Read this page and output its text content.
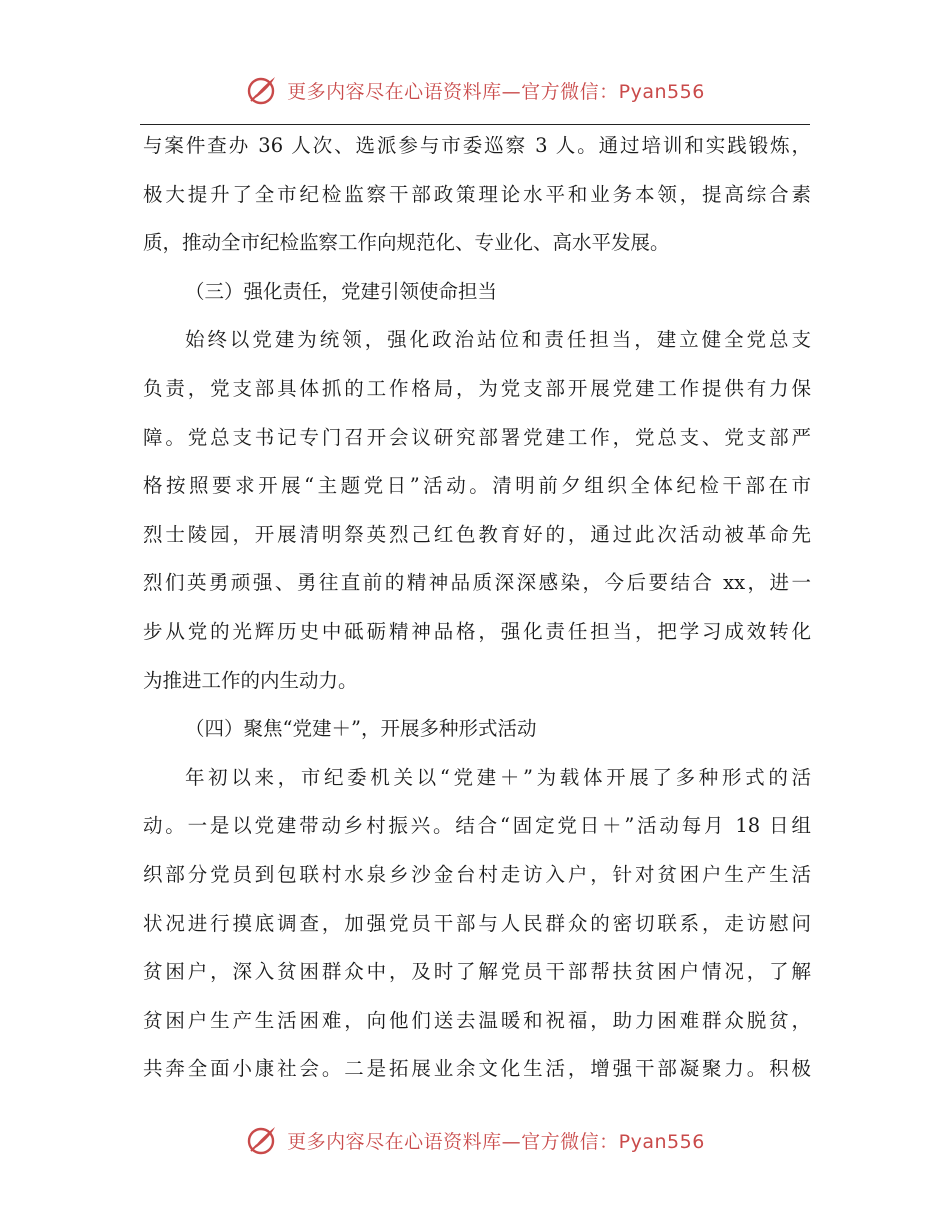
更多内容尽在心语资料库—官方微信：Pyan556
与案件查办 36 人次、选派参与市委巡察 3 人。通过培训和实践锻炼，
极大提升了全市纪检监察干部政策理论水平和业务本领，提高综合素
质，推动全市纪检监察工作向规范化、专业化、高水平发展。
（三）强化责任，党建引领使命担当
始终以党建为统领，强化政治站位和责任担当，建立健全党总支
负责，党支部具体抓的工作格局，为党支部开展党建工作提供有力保
障。党总支书记专门召开会议研究部署党建工作，党总支、党支部严
格按照要求开展“主题党日”活动。清明前夕组织全体纪检干部在市
烈士陵园，开展清明祭英烈己红色教育好的，通过此次活动被革命先
烈们英勇顽强、勇往直前的精神品质深深感染，今后要结合 xx，进一
步从党的光辉历史中砥砺精神品格，强化责任担当，把学习成效转化
为推进工作的内生动力。
（四）聚焦“党建＋”，开展多种形式活动
年初以来，市纪委机关以“党建＋”为载体开展了多种形式的活
动。一是以党建带动乡村振兴。结合“固定党日＋”活动每月 18 日组
织部分党员到包联村水泉乡沙金台村走访入户，针对贫困户生产生活
状况进行摸底调查，加强党员干部与人民群众的密切联系，走访慰问
贫困户，深入贫困群众中，及时了解党员干部帮扶贫困户情况，了解
贫困户生产生活困难，向他们送去温暖和祝福，助力困难群众脱贫，
共奔全面小康社会。二是拓展业余文化生活，增强干部凝聚力。积极
更多内容尽在心语资料库—官方微信：Pyan556
